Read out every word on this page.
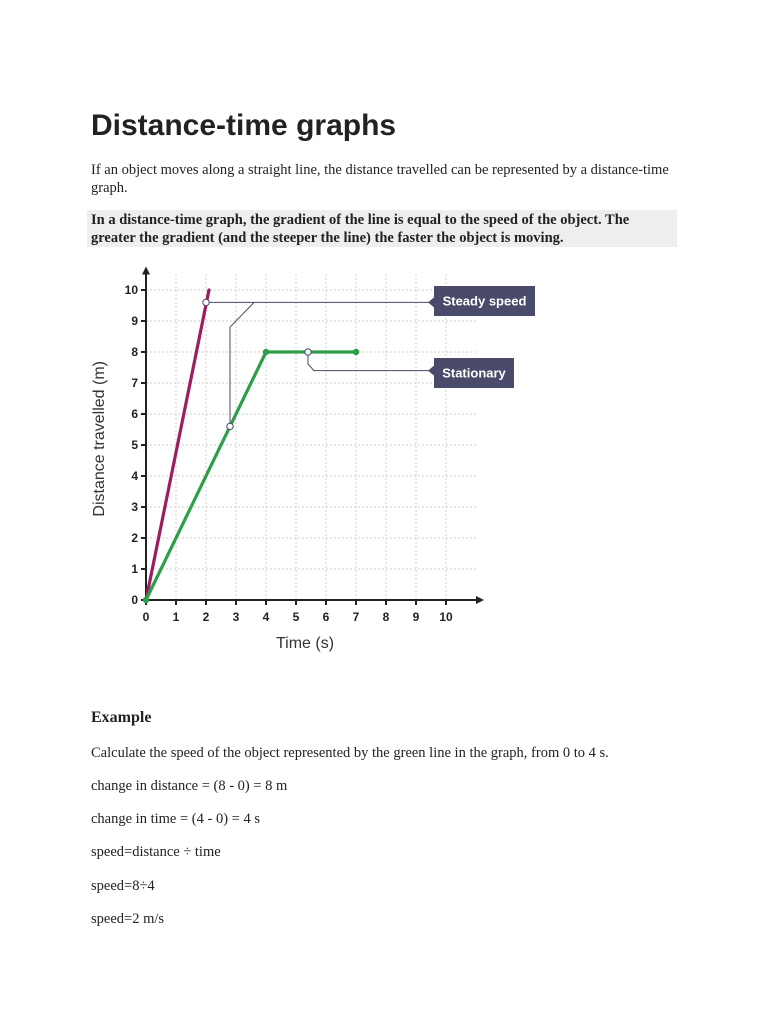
Distance-time graphs

If an object moves along a straight line, the distance travelled can be represented by a distance-time graph.

In a distance-time graph, the gradient of the line is equal to the speed of the object. The greater the gradient (and the steeper the line) the faster the object is moving.
0 1 2 3 4 5 6 7 8 9 10
0
1
2
3
4
5
6
7
8
9
10
Time (s)
Distance travelled (m)
Steady speed
Stationary
Example

Calculate the speed of the object represented by the green line in the graph, from 0 to 4 s.

change in distance = (8 - 0) = 8 m

change in time = (4 - 0) = 4 s

speed=distance ÷ time

speed=8÷4

speed=2 m/s
